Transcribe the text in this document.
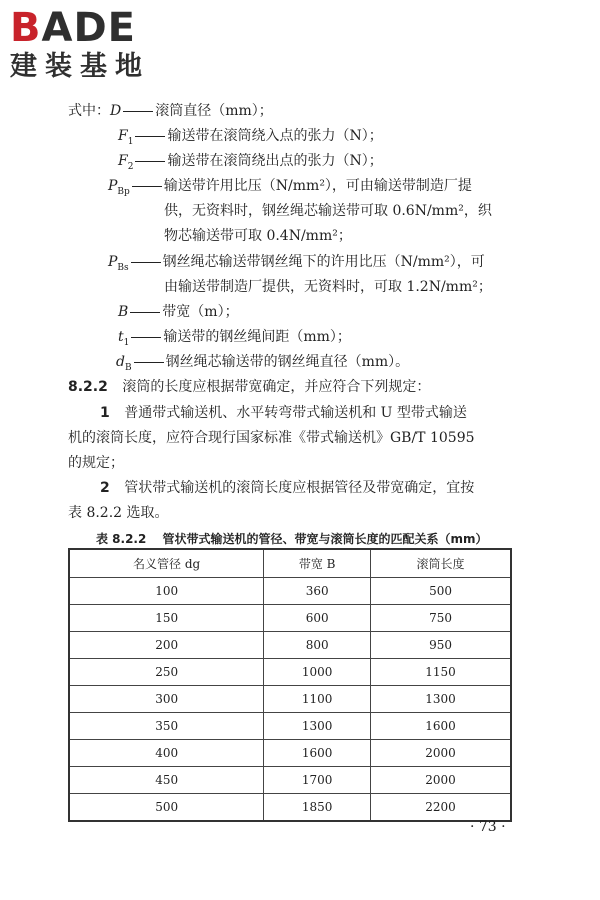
BADE
建装基地
式中： D 滚筒直径（mm）；
$F_1$ 输送带在滚筒绕入点的张力（N）；
$F_2$ 输送带在滚筒绕出点的张力（N）；
$P_{Bp}$ 输送带许用比压（N/mm²），可由输送带制造厂提
供，无资料时，钢丝绳芯输送带可取 0.6N/mm²，织
物芯输送带可取 0.4N/mm²；
$P_{Bs}$ 钢丝绳芯输送带钢丝绳下的许用比压（N/mm²），可
由输送带制造厂提供，无资料时，可取 1.2N/mm²；
B 带宽（m）；
$t_1$ 输送带的钢丝绳间距（mm）；
$d_B$ 钢丝绳芯输送带的钢丝绳直径（mm）。
8.2.2 滚筒的长度应根据带宽确定，并应符合下列规定：
1 普通带式输送机、水平转弯带式输送机和 U 型带式输送
机的滚筒长度，应符合现行国家标准《带式输送机》GB/T 10595
的规定；
2 管状带式输送机的滚筒长度应根据管径及带宽确定，宜按
表 8.2.2 选取。
表 8.2.2 管状带式输送机的管径、带宽与滚筒长度的匹配关系（mm）
名义管径 dg	带宽 B	滚筒长度
100	360	500
150	600	750
200	800	950
250	1000	1150
300	1100	1300
350	1300	1600
400	1600	2000
450	1700	2000
500	1850	2200
· 73 ·
